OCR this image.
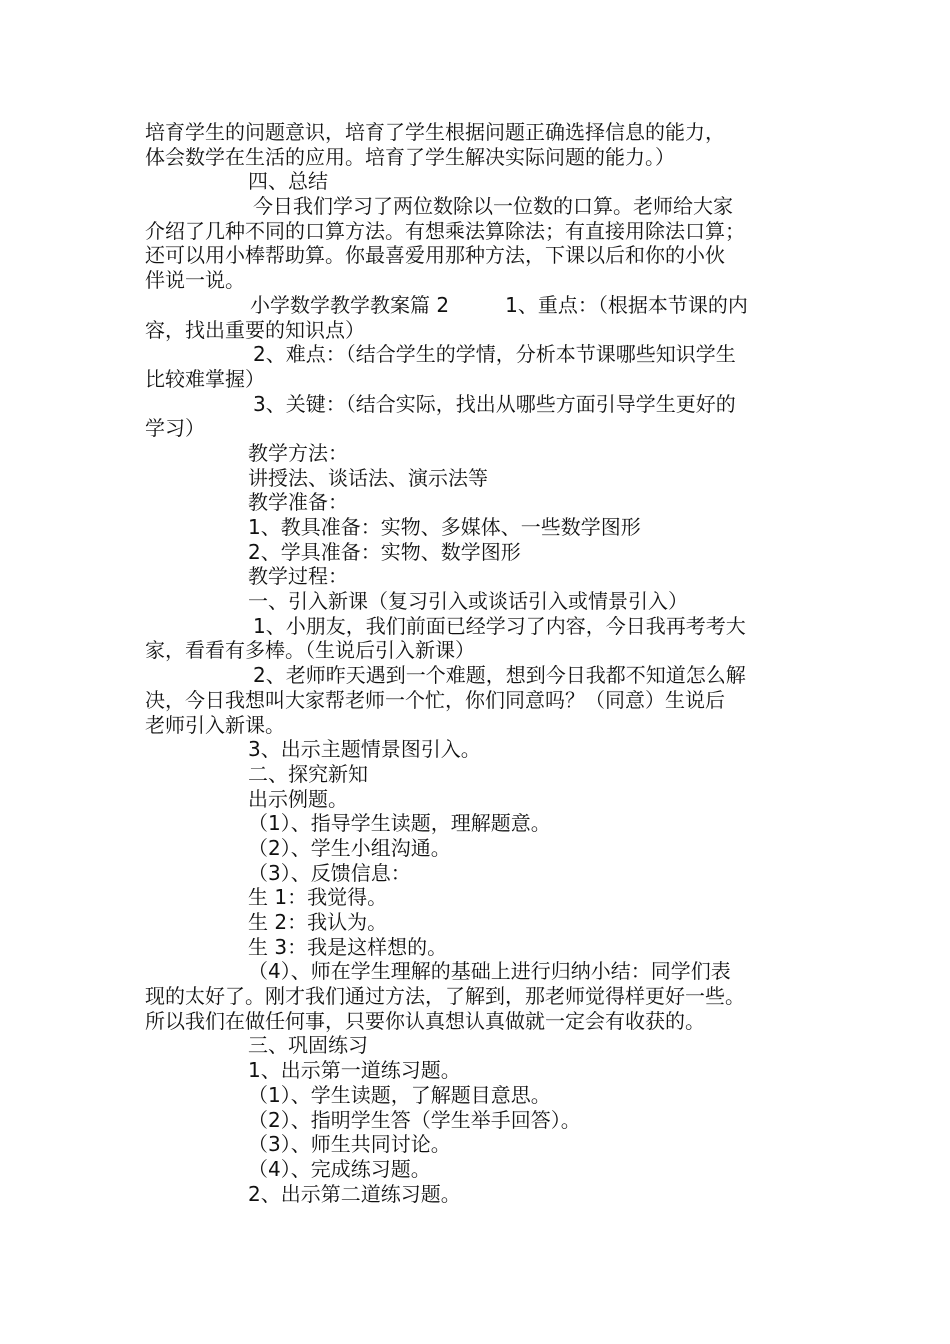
培育学生的问题意识，培育了学生根据问题正确选择信息的能力，
体会数学在生活的应用。培育了学生解决实际问题的能力。）
四、总结
今日我们学习了两位数除以一位数的口算。老师给大家
介绍了几种不同的口算方法。有想乘法算除法；有直接用除法口算；
还可以用小棒帮助算。你最喜爱用那种方法，下课以后和你的小伙
伴说一说。
小学数学教学教案篇 2	1、重点：（根据本节课的内
容，找出重要的知识点）
2、难点：（结合学生的学情，分析本节课哪些知识学生
比较难掌握）
3、关键：（结合实际，找出从哪些方面引导学生更好的
学习）
教学方法：
讲授法、谈话法、演示法等
教学准备：
1、教具准备：实物、多媒体、一些数学图形
2、学具准备：实物、数学图形
教学过程：
一、引入新课（复习引入或谈话引入或情景引入）
1、小朋友，我们前面已经学习了内容，今日我再考考大
家，看看有多棒。（生说后引入新课）
2、老师昨天遇到一个难题，想到今日我都不知道怎么解
决，今日我想叫大家帮老师一个忙，你们同意吗？（同意）生说后
老师引入新课。
3、出示主题情景图引入。
二、探究新知
出示例题。
（1）、指导学生读题，理解题意。
（2）、学生小组沟通。
（3）、反馈信息：
生 1：我觉得。
生 2：我认为。
生 3：我是这样想的。
（4）、师在学生理解的基础上进行归纳小结：同学们表
现的太好了。刚才我们通过方法，了解到，那老师觉得样更好一些。
所以我们在做任何事，只要你认真想认真做就一定会有收获的。
三、巩固练习
1、出示第一道练习题。
（1）、学生读题，了解题目意思。
（2）、指明学生答（学生举手回答）。
（3）、师生共同讨论。
（4）、完成练习题。
2、出示第二道练习题。
